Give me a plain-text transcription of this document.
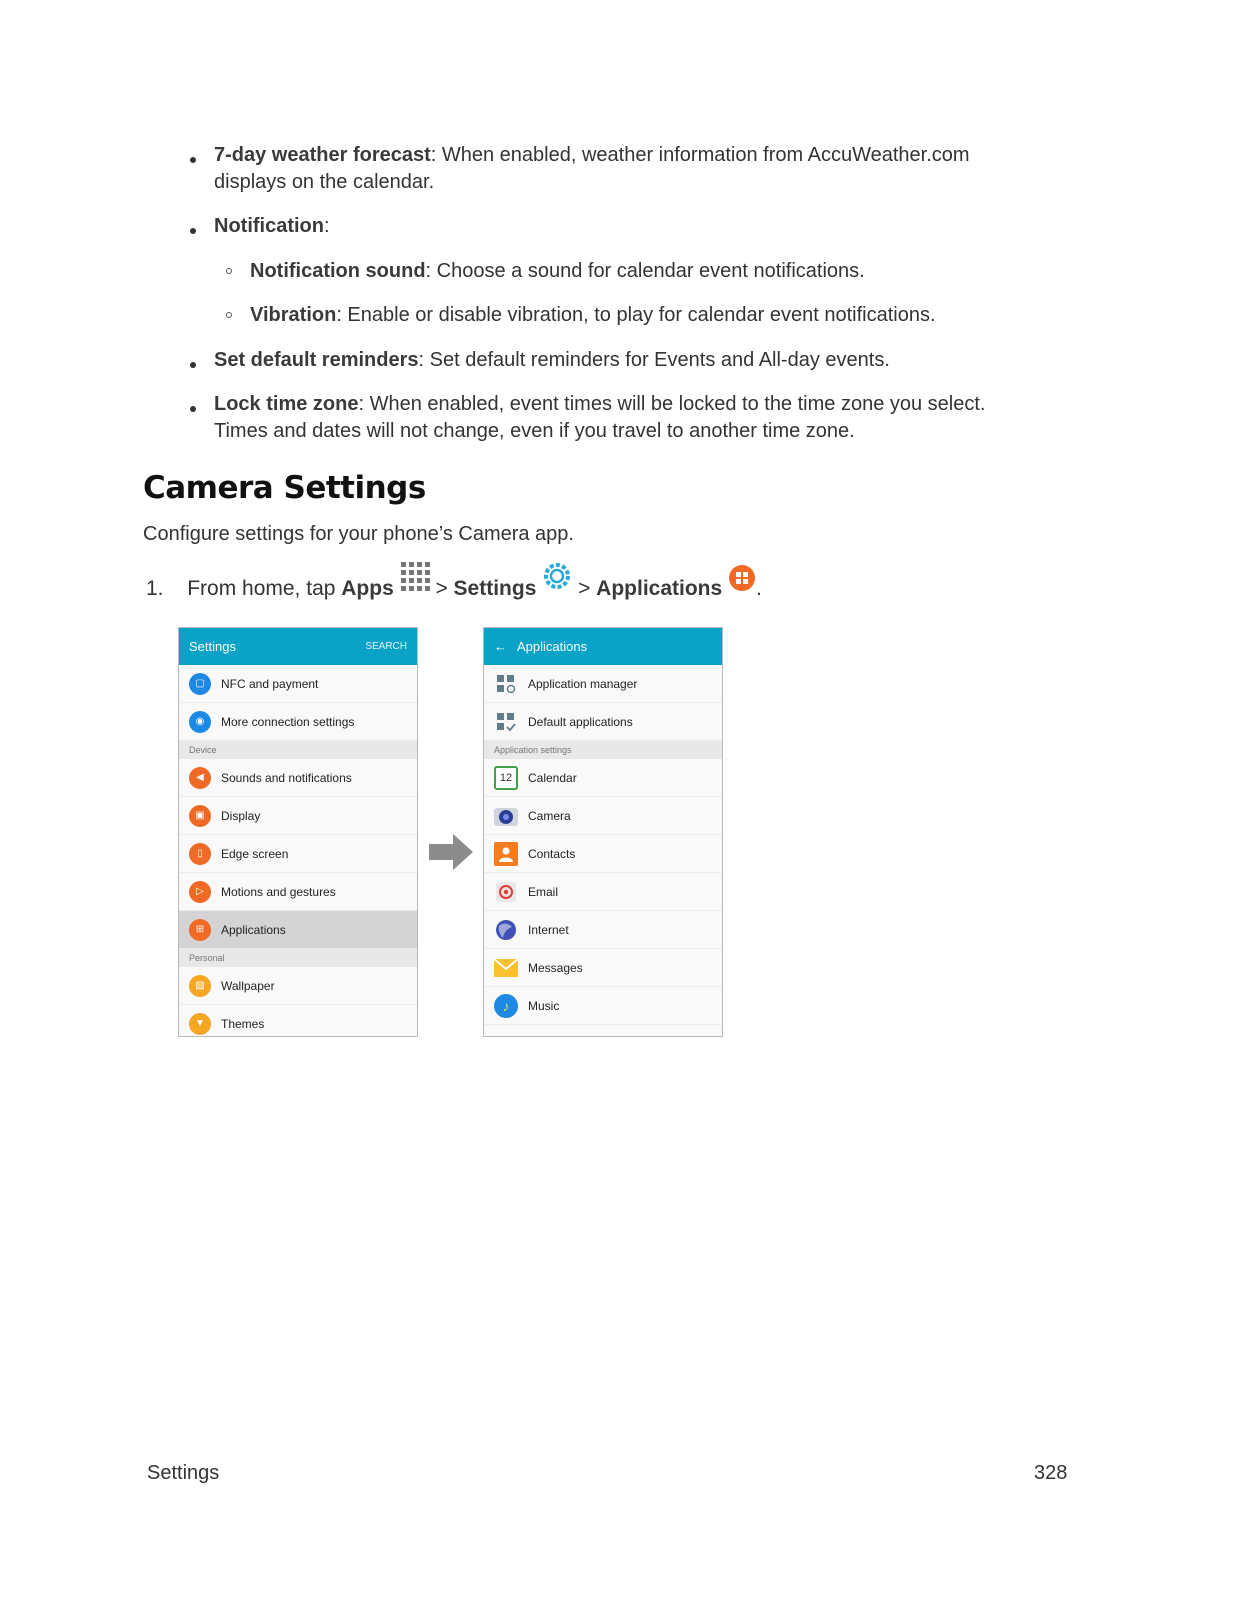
7-day weather forecast: When enabled, weather information from AccuWeather.com
displays on the calendar.
Notification:
Notification sound: Choose a sound for calendar event notifications.
Vibration: Enable or disable vibration, to play for calendar event notifications.
Set default reminders: Set default reminders for Events and All-day events.
Lock time zone: When enabled, event times will be locked to the time zone you select.
Times and dates will not change, even if you travel to another time zone.
Camera Settings
Configure settings for your phone’s Camera app.
1. From home, tap Apps  > Settings  > Applications .
Settings	SEARCH
▢	NFC and payment
◉	More connection settings
Device
◀	Sounds and notifications
▣	Display
▯	Edge screen
▷	Motions and gestures
⊞	Applications
Personal
▨	Wallpaper
▼	Themes
← Applications
Application manager
Default applications
Application settings
12	Calendar
Camera
Contacts
Email
Internet
Messages
♪	Music
Settings	328
